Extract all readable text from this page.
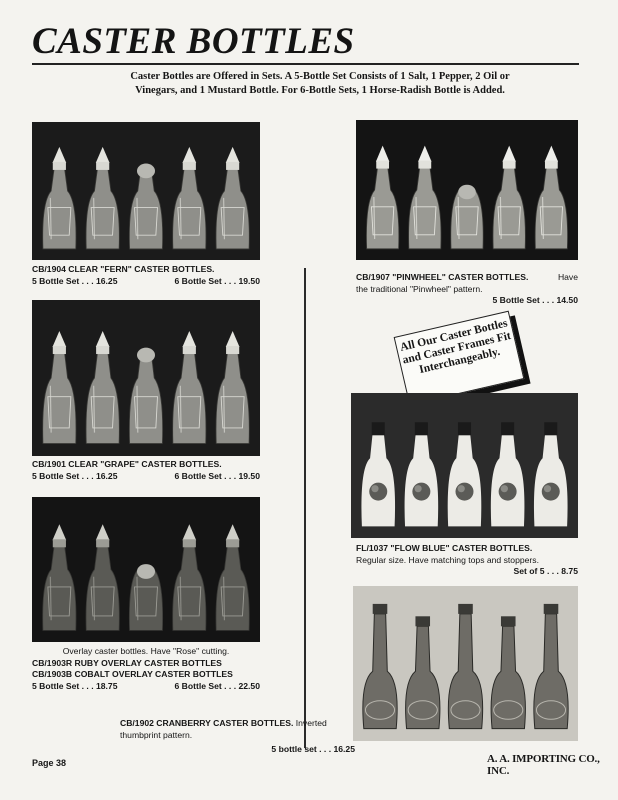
CASTER BOTTLES
Caster Bottles are Offered in Sets. A 5-Bottle Set Consists of 1 Salt, 1 Pepper, 2 Oil or Vinegars, and 1 Mustard Bottle. For 6-Bottle Sets, 1 Horse-Radish Bottle is Added.
CB/1904 CLEAR "FERN" CASTER BOTTLES.
5 Bottle Set . . . 16.25	6 Bottle Set . . . 19.50
CB/1901 CLEAR "GRAPE" CASTER BOTTLES.
5 Bottle Set . . . 16.25	6 Bottle Set . . . 19.50
Overlay caster bottles. Have "Rose" cutting.
CB/1903R RUBY OVERLAY CASTER BOTTLES
CB/1903B COBALT OVERLAY CASTER BOTTLES
5 Bottle Set . . . 18.75	6 Bottle Set . . . 22.50
CB/1907 "PINWHEEL" CASTER BOTTLES.	Have
the traditional "Pinwheel" pattern.
5 Bottle Set . . . 14.50
All Our Caster Bottles and Caster Frames Fit Interchangeably.
FL/1037 "FLOW BLUE" CASTER BOTTLES.
Regular size. Have matching tops and stoppers.
Set of 5 . . . 8.75
CB/1902 CRANBERRY CASTER BOTTLES. Inverted thumbprint pattern.
5 bottle set . . . 16.25
Page 38	A. A. IMPORTING CO., INC.
